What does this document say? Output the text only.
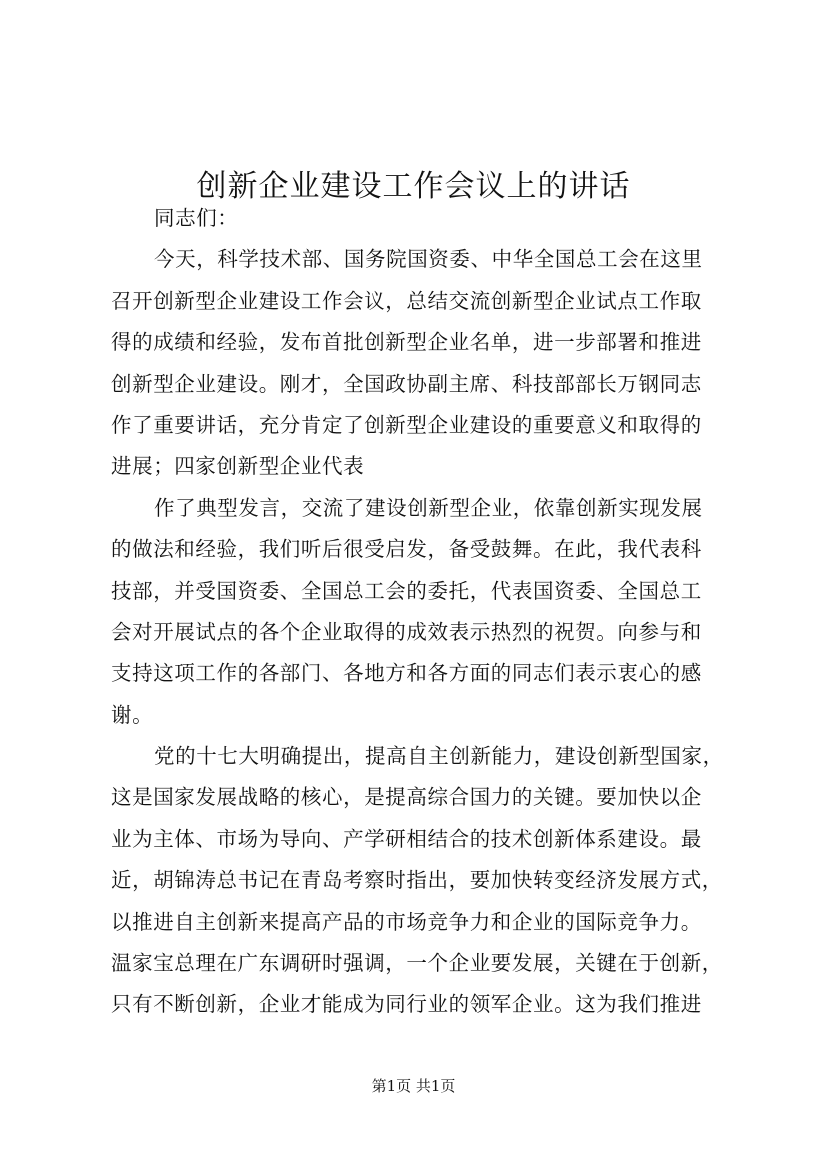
创新企业建设工作会议上的讲话
同志们：
今天，科学技术部、国务院国资委、中华全国总工会在这里
召开创新型企业建设工作会议，总结交流创新型企业试点工作取
得的成绩和经验，发布首批创新型企业名单，进一步部署和推进
创新型企业建设。刚才，全国政协副主席、科技部部长万钢同志
作了重要讲话，充分肯定了创新型企业建设的重要意义和取得的
进展；四家创新型企业代表
作了典型发言，交流了建设创新型企业，依靠创新实现发展
的做法和经验，我们听后很受启发，备受鼓舞。在此，我代表科
技部，并受国资委、全国总工会的委托，代表国资委、全国总工
会对开展试点的各个企业取得的成效表示热烈的祝贺。向参与和
支持这项工作的各部门、各地方和各方面的同志们表示衷心的感
谢。
党的十七大明确提出，提高自主创新能力，建设创新型国家，
这是国家发展战略的核心，是提高综合国力的关键。要加快以企
业为主体、市场为导向、产学研相结合的技术创新体系建设。最
近，胡锦涛总书记在青岛考察时指出，要加快转变经济发展方式，
以推进自主创新来提高产品的市场竞争力和企业的国际竞争力。
温家宝总理在广东调研时强调，一个企业要发展，关键在于创新，
只有不断创新，企业才能成为同行业的领军企业。这为我们推进
第1页 共1页
